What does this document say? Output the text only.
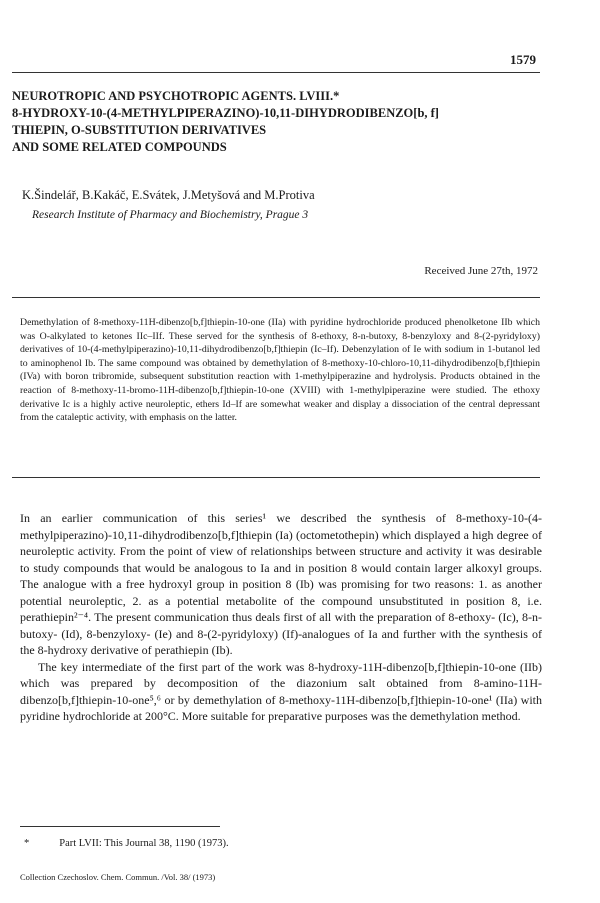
1579
NEUROTROPIC AND PSYCHOTROPIC AGENTS. LVIII.*
8-HYDROXY-10-(4-METHYLPIPERAZINO)-10,11-DIHYDRODIBENZO[b, f]
THIEPIN, O-SUBSTITUTION DERIVATIVES
AND SOME RELATED COMPOUNDS
K.Šindelář, B.Kakáč, E.Svátek, J.Metyšová and M.Protiva
Research Institute of Pharmacy and Biochemistry, Prague 3
Received June 27th, 1972
Demethylation of 8-methoxy-11H-dibenzo[b,f]thiepin-10-one (IIa) with pyridine hydrochloride produced phenolketone IIb which was O-alkylated to ketones IIc–IIf. These served for the synthesis of 8-ethoxy, 8-n-butoxy, 8-benzyloxy and 8-(2-pyridyloxy) derivatives of 10-(4-methylpiperazino)-10,11-dihydrodibenzo[b,f]thiepin (Ic–If). Debenzylation of Ie with sodium in 1-butanol led to aminophenol Ib. The same compound was obtained by demethylation of 8-methoxy-10-chloro-10,11-dihydrodibenzo[b,f]thiepin (IVa) with boron tribromide, subsequent substitution reaction with 1-methylpiperazine and hydrolysis. Products obtained in the reaction of 8-methoxy-11-bromo-11H-dibenzo[b,f]thiepin-10-one (XVIII) with 1-methylpiperazine were studied. The ethoxy derivative Ic is a highly active neuroleptic, ethers Id–If are somewhat weaker and display a dissociation of the central depressant from the cataleptic activity, with emphasis on the latter.

In an earlier communication of this series¹ we described the synthesis of 8-methoxy-10-(4-methylpiperazino)-10,11-dihydrodibenzo[b,f]thiepin (Ia) (octometothepin) which displayed a high degree of neuroleptic activity. From the point of view of relationships between structure and activity it was desirable to study compounds that would be analogous to Ia and in position 8 would contain larger alkoxyl groups. The analogue with a free hydroxyl group in position 8 (Ib) was promising for two reasons: 1. as another potential neuroleptic, 2. as a potential metabolite of the compound unsubstituted in position 8, i.e. perathiepin²⁻⁴. The present communication thus deals first of all with the preparation of 8-ethoxy- (Ic), 8-n-butoxy- (Id), 8-benzyloxy- (Ie) and 8-(2-pyridyloxy) (If)-analogues of Ia and further with the synthesis of the 8-hydroxy derivative of perathiepin (Ib).

The key intermediate of the first part of the work was 8-hydroxy-11H-dibenzo[b,f]thiepin-10-one (IIb) which was prepared by decomposition of the diazonium salt obtained from 8-amino-11H-dibenzo[b,f]thiepin-10-one⁵,⁶ or by demethylation of 8-methoxy-11H-dibenzo[b,f]thiepin-10-one¹ (IIa) with pyridine hydrochloride at 200°C. More suitable for preparative purposes was the demethylation method.

*	Part LVII: This Journal 38, 1190 (1973).
Collection Czechoslov. Chem. Commun. /Vol. 38/ (1973)
